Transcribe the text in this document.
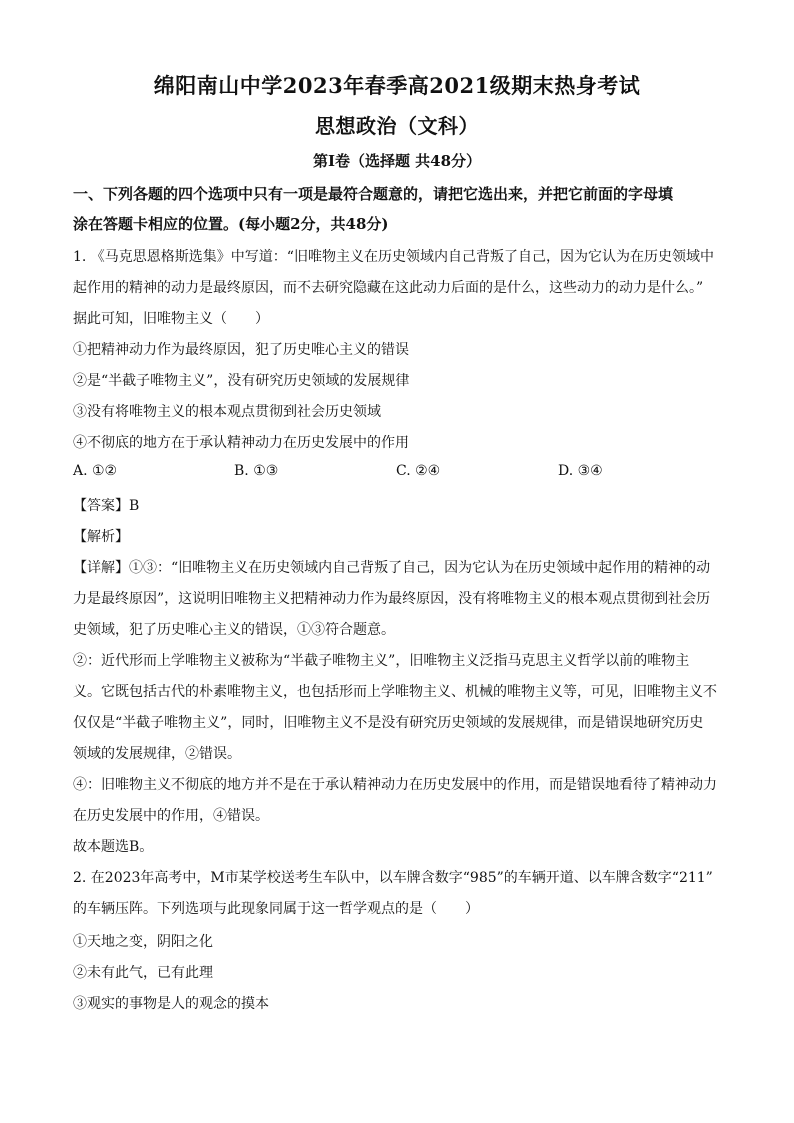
绵阳南山中学2023年春季高2021级期末热身考试
思想政治（文科）
第Ⅰ卷（选择题 共48分）
一、下列各题的四个选项中只有一项是最符合题意的，请把它选出来，并把它前面的字母填
涂在答题卡相应的位置。(每小题2分，共48分)
1. 《马克思恩格斯选集》中写道：“旧唯物主义在历史领域内自己背叛了自己，因为它认为在历史领域中
起作用的精神的动力是最终原因，而不去研究隐藏在这此动力后面的是什么，这些动力的动力是什么。”
据此可知，旧唯物主义（　　）
①把精神动力作为最终原因，犯了历史唯心主义的错误
②是“半截子唯物主义”，没有研究历史领域的发展规律
③没有将唯物主义的根本观点贯彻到社会历史领域
④不彻底的地方在于承认精神动力在历史发展中的作用
A. ①②	B. ①③	C. ②④	D. ③④
【答案】B
【解析】
【详解】①③：“旧唯物主义在历史领域内自己背叛了自己，因为它认为在历史领域中起作用的精神的动
力是最终原因”，这说明旧唯物主义把精神动力作为最终原因，没有将唯物主义的根本观点贯彻到社会历
史领域，犯了历史唯心主义的错误，①③符合题意。
②：近代形而上学唯物主义被称为“半截子唯物主义”，旧唯物主义泛指马克思主义哲学以前的唯物主
义。它既包括古代的朴素唯物主义，也包括形而上学唯物主义、机械的唯物主义等，可见，旧唯物主义不
仅仅是“半截子唯物主义”，同时，旧唯物主义不是没有研究历史领域的发展规律，而是错误地研究历史
领域的发展规律，②错误。
④：旧唯物主义不彻底的地方并不是在于承认精神动力在历史发展中的作用，而是错误地看待了精神动力
在历史发展中的作用，④错误。
故本题选B。
2. 在2023年高考中，M市某学校送考生车队中，以车牌含数字“985”的车辆开道、以车牌含数字“211”
的车辆压阵。下列选项与此现象同属于这一哲学观点的是（　　）
①天地之变，阴阳之化
②未有此气，已有此理
③观实的事物是人的观念的摸本
